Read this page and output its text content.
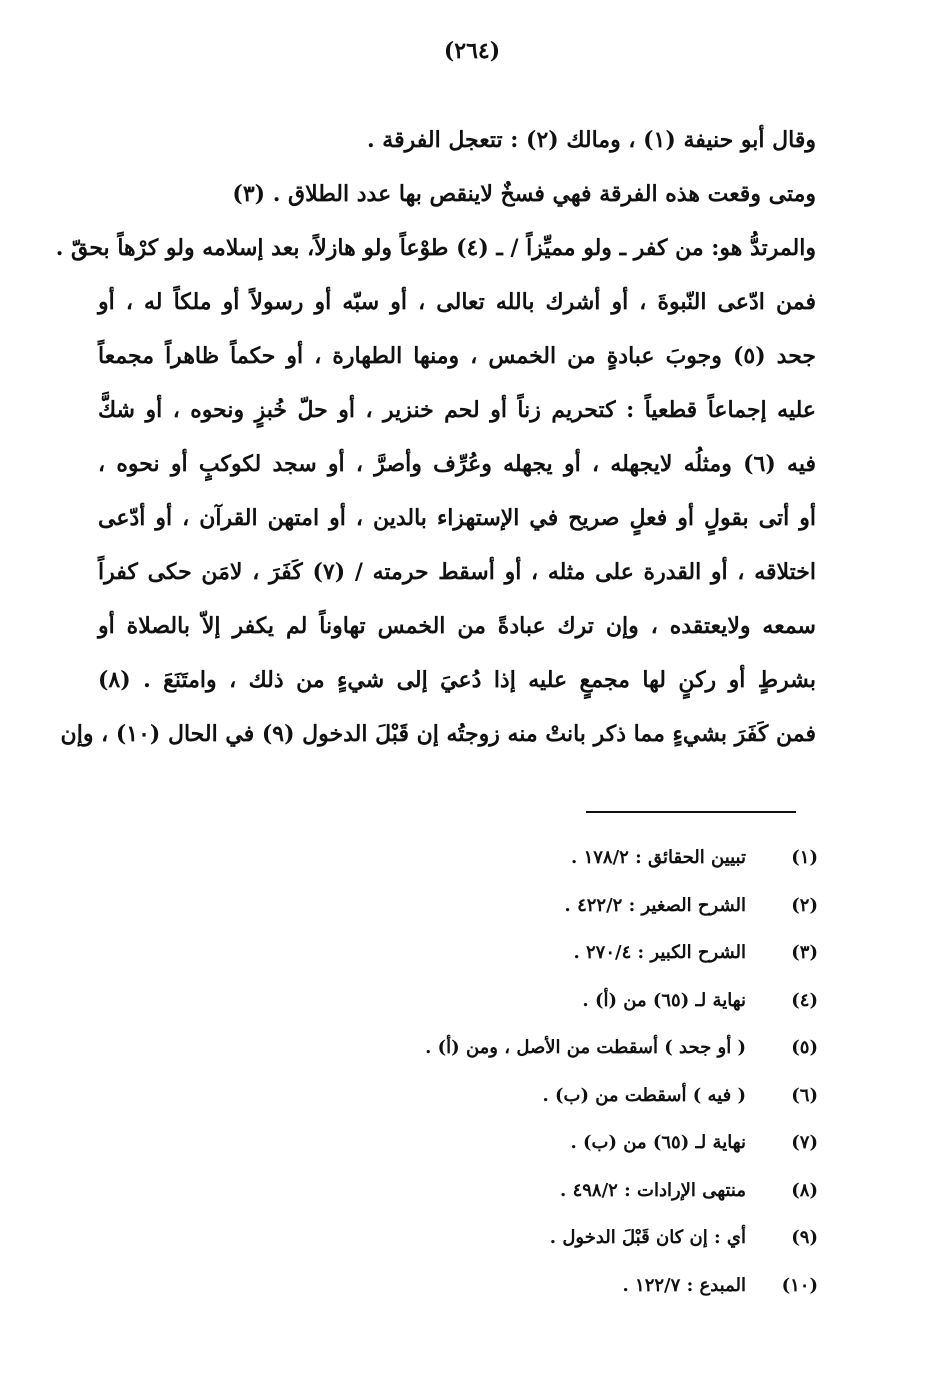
(٢٦٤)
وقال أبو حنيفة (١) ، ومالك (٢) : تتعجل الفرقة .
ومتى وقعت هذه الفرقة فهي فسخٌ لاينقص بها عدد الطلاق . (٣)
والمرتدُّ هو: من كفر ـ ولو مميِّزاً / ـ (٤) طوْعاً ولو هازلاً، بعد إسلامه ولو كرْهاً بحقّ .
فمن ادّعى النّبوةَ ، أو أشرك بالله تعالى ، أو سبّه أو رسولاً أو ملكاً له ، أو
جحد (٥) وجوبَ عبادةٍ من الخمس ، ومنها الطهارة ، أو حكماً ظاهراً مجمعاً
عليه إجماعاً قطعياً : كتحريم زناً أو لحم خنزير ، أو حلّ خُبزٍ ونحوه ، أو شكَّ
فيه (٦) ومثلُه لايجهله ، أو يجهله وعُرِّف وأصرَّ ، أو سجد لكوكبٍ أو نحوه ،
أو أتى بقولٍ أو فعلٍ صريح في الإستهزاء بالدين ، أو امتهن القرآن ، أو أدّعى
اختلاقه ، أو القدرة على مثله ، أو أسقط حرمته / (٧) كَفَرَ ، لامَن حكى كفراً
سمعه ولايعتقده ، وإن ترك عبادةً من الخمس تهاوناً لم يكفر إلاّ بالصلاة أو
بشرطٍ أو ركنٍ لها مجمعٍ عليه إذا دُعيَ إلى شيءٍ من ذلك ، وامتَنَعَ . (٨)
فمن كَفَرَ بشيءٍ مما ذكر بانتْ منه زوجتُه إن قَبْلَ الدخول (٩) في الحال (١٠) ، وإن
(١)
تبيين الحقائق : ١٧٨/٢ .
(٢)
الشرح الصغير : ٤٢٢/٢ .
(٣)
الشرح الكبير : ٢٧٠/٤ .
(٤)
نهاية لـ (٦٥) من (أ) .
(٥)
( أو جحد ) أسقطت من الأصل ، ومن (أ) .
(٦)
( فيه ) أسقطت من (ب) .
(٧)
نهاية لـ (٦٥) من (ب) .
(٨)
منتهى الإرادات : ٤٩٨/٢ .
(٩)
أي : إن كان قَبْلَ الدخول .
(١٠)
المبدع : ١٢٢/٧ .
